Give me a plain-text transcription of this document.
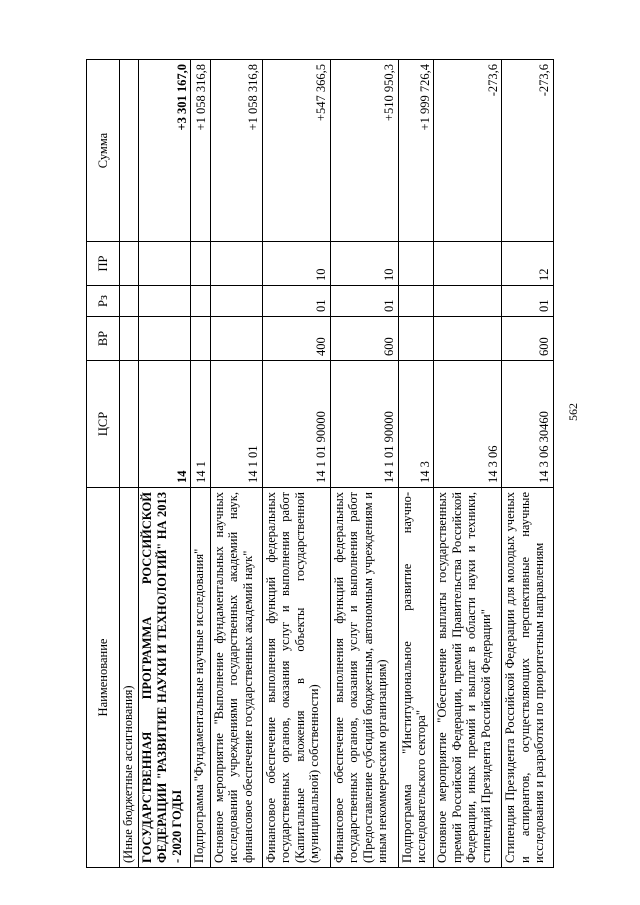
562
Наименование	ЦСР	ВР	Рз	ПР	Сумма
(Иные бюджетные ассигнования)					
ГОСУДАРСТВЕННАЯ ПРОГРАММА РОССИЙСКОЙ ФЕДЕРАЦИИ "РАЗВИТИЕ НАУКИ И ТЕХНОЛОГИЙ" НА 2013 - 2020 ГОДЫ	14				+3 301 167,0
Подпрограмма "Фундаментальные научные исследования"	14 1				+1 058 316,8
Основное мероприятие "Выполнение фундаментальных научных исследований учреждениями государственных академий наук, финансовое обеспечение государственных академий наук"	14 1 01				+1 058 316,8
Финансовое обеспечение выполнения функций федеральных государственных органов, оказания услуг и выполнения работ (Капитальные вложения в объекты государственной (муниципальной) собственности)	14 1 01 90000	400	01	10	+547 366,5
Финансовое обеспечение выполнения функций федеральных государственных органов, оказания услуг и выполнения работ (Предоставление субсидий бюджетным, автономным учреждениям и иным некоммерческим организациям)	14 1 01 90000	600	01	10	+510 950,3
Подпрограмма "Институциональное развитие научно-исследовательского сектора"	14 3				+1 999 726,4
Основное мероприятие "Обеспечение выплаты государственных премий Российской Федерации, премий Правительства Российской Федерации, иных премий и выплат в области науки и техники, стипендий Президента Российской Федерации"	14 3 06				-273,6
Стипендия Президента Российской Федерации для молодых ученых и аспирантов, осуществляющих перспективные научные исследования и разработки по приоритетным направлениям	14 3 06 30460	600	01	12	-273,6
